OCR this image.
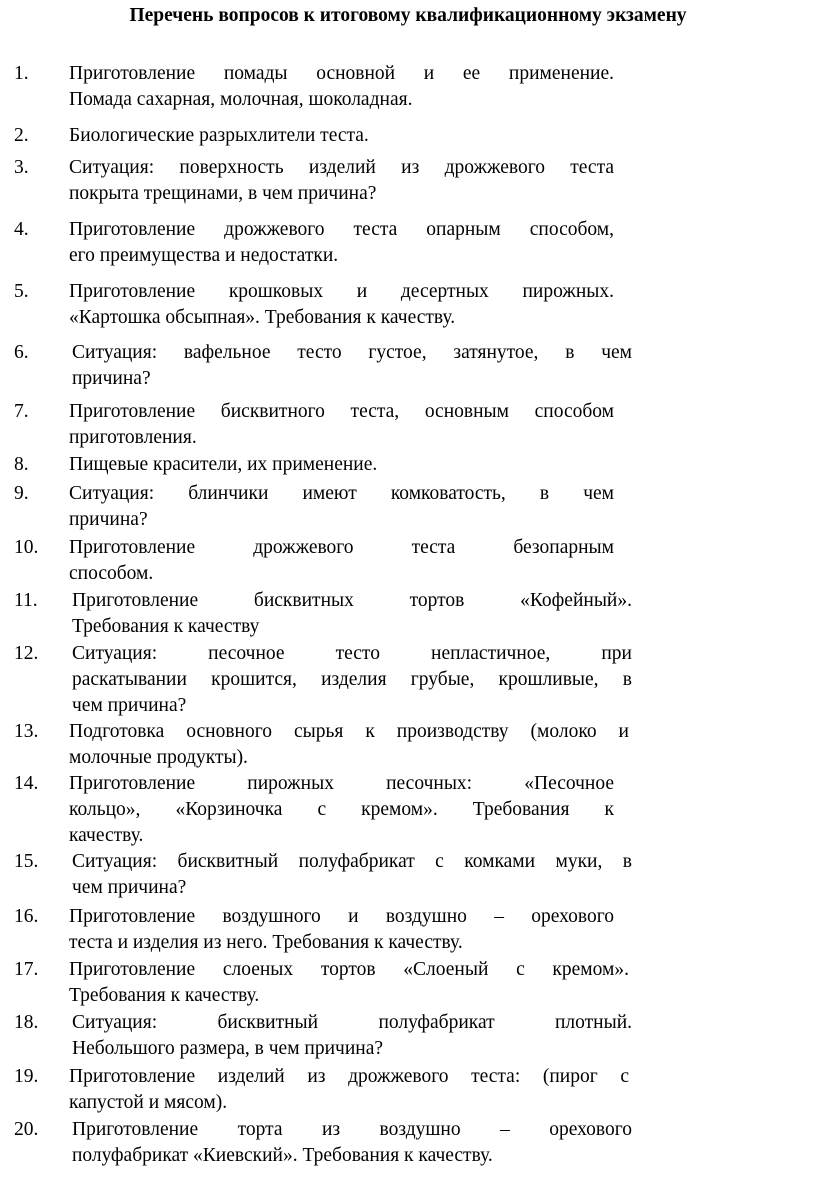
Перечень вопросов к итоговому квалификационному экзамену
1. Приготовление помады основной и ее применение.
Помада сахарная, молочная, шоколадная.
2. Биологические разрыхлители теста.
3. Ситуация: поверхность изделий из дрожжевого теста
покрыта трещинами, в чем причина?
4. Приготовление дрожжевого теста опарным способом,
его преимущества и недостатки.
5. Приготовление крошковых и десертных пирожных.
«Картошка обсыпная». Требования к качеству.
6. Ситуация: вафельное тесто густое, затянутое, в чем
причина?
7. Приготовление бисквитного теста, основным способом
приготовления.
8. Пищевые красители, их применение.
9. Ситуация: блинчики имеют комковатость, в чем
причина?
10. Приготовление дрожжевого теста безопарным
способом.
11. Приготовление бисквитных тортов «Кофейный».
Требования к качеству
12. Ситуация: песочное тесто непластичное, при
раскатывании крошится, изделия грубые, крошливые, в
чем причина?
13. Подготовка основного сырья к производству (молоко и
молочные продукты).
14. Приготовление пирожных песочных: «Песочное
кольцо», «Корзиночка с кремом». Требования к
качеству.
15. Ситуация: бисквитный полуфабрикат с комками муки, в
чем причина?
16. Приготовление воздушного и воздушно – орехового
теста и изделия из него. Требования к качеству.
17. Приготовление слоеных тортов «Слоеный с кремом».
Требования к качеству.
18. Ситуация: бисквитный полуфабрикат плотный.
Небольшого размера, в чем причина?
19. Приготовление изделий из дрожжевого теста: (пирог с
капустой и мясом).
20. Приготовление торта из воздушно – орехового
полуфабрикат «Киевский». Требования к качеству.
